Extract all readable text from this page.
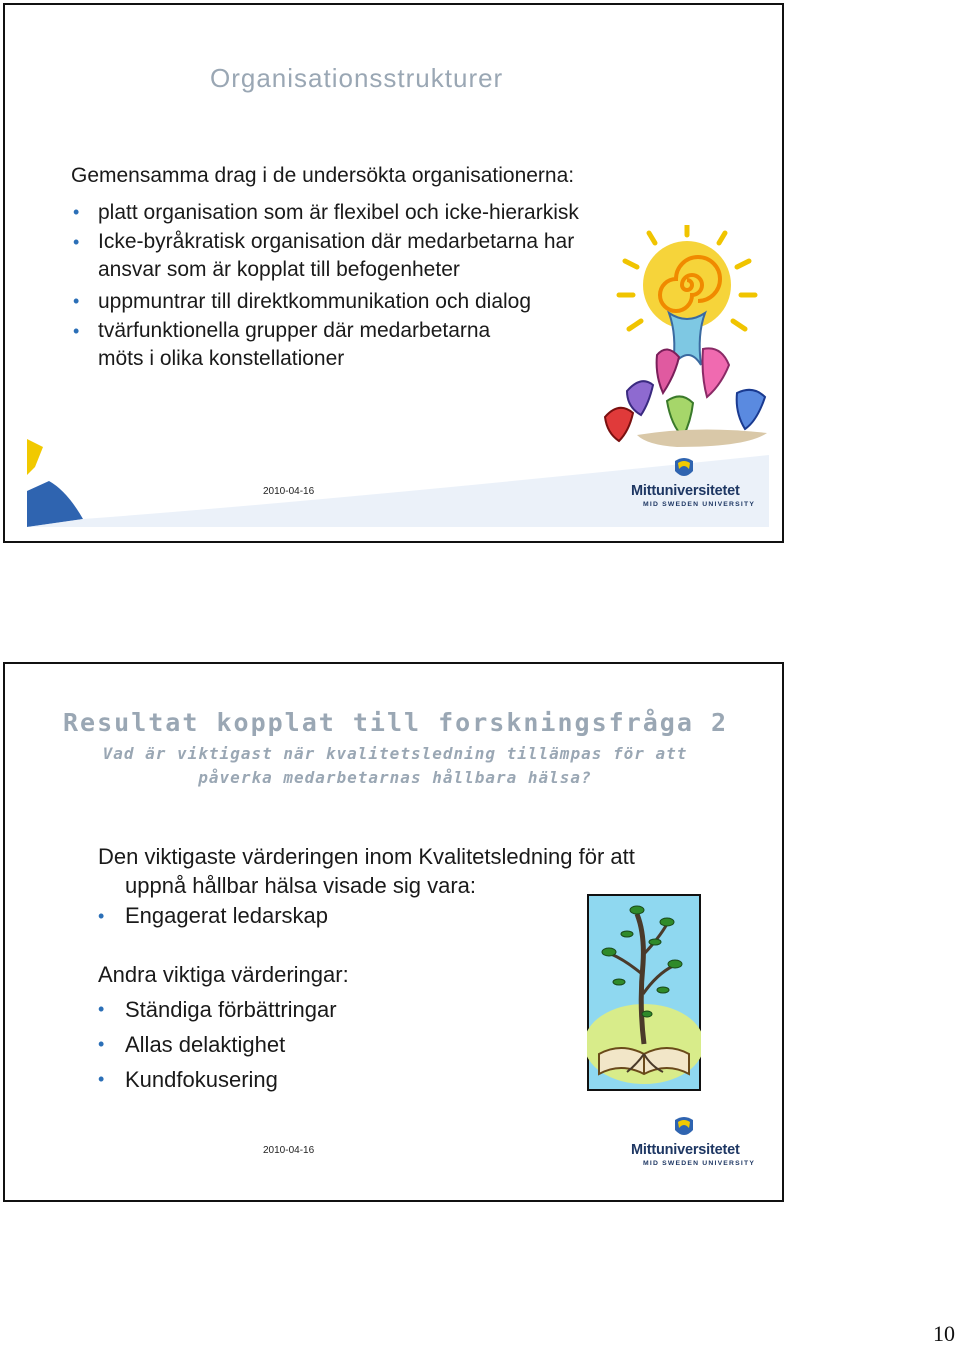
Organisationsstrukturer

Gemensamma drag i de undersökta organisationerna:

• platt organisation som är flexibel och icke-hierarkisk
• Icke-byråkratisk organisation där medarbetarna har
ansvar som är kopplat till befogenheter
• uppmuntrar till direktkommunikation och dialog
• tvärfunktionella grupper där medarbetarna
möts i olika konstellationer
2010-04-16	Mittuniversitetet
MID SWEDEN UNIVERSITY
Resultat kopplat till forskningsfråga 2
Vad är viktigast när kvalitetsledning tillämpas för att
påverka medarbetarnas hållbara hälsa?

Den viktigaste värderingen inom Kvalitetsledning för att
uppnå hållbar hälsa visade sig vara:

• Engagerat ledarskap

Andra viktiga värderingar:

• Ständiga förbättringar
• Allas delaktighet
• Kundfokusering
2010-04-16	Mittuniversitetet
MID SWEDEN UNIVERSITY
10
